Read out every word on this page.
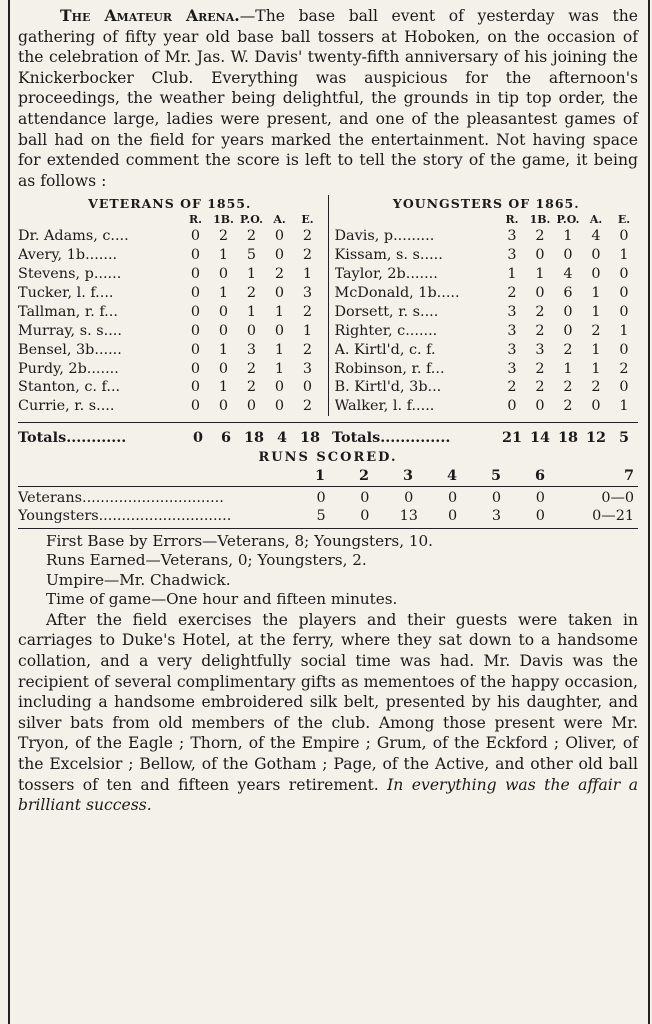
The Amateur Arena.—The base ball event of yesterday was the gathering of fifty year old base ball tossers at Hoboken, on the occasion of the celebration of Mr. Jas. W. Davis' twenty-fifth anniversary of his joining the Knickerbocker Club. Everything was auspicious for the afternoon's proceedings, the weather being delightful, the grounds in tip top order, the attendance large, ladies were present, and one of the pleasantest games of ball had on the field for years marked the entertainment. Not having space for extended comment the score is left to tell the story of the game, it being as follows :

VETERANS OF 1855.
R.	1B. P.O. A.	E.
Dr. Adams, c....	0	2	2	0	2
Avery, 1b.......	0	1	5	0	2
Stevens, p......	0	0	1	2	1
Tucker, l. f....	0	1	2	0	3
Tallman, r. f...	0	0	1	1	2
Murray, s. s....	0	0	0	0	1
Bensel, 3b......	0	1	3	1	2
Purdy, 2b.......	0	0	2	1	3
Stanton, c. f...	0	1	2	0	0
Currie, r. s....	0	0	0	0	2
YOUNGSTERS OF 1865.
R.	1B. P.O. A.	E.
Davis, p.........	3	2	1	4	0
Kissam, s. s.....	3	0	0	0	1
Taylor, 2b.......	1	1	4	0	0
McDonald, 1b.....	2	0	6	1	0
Dorsett, r. s....	3	2	0	1	0
Righter, c.......	3	2	0	2	1
A. Kirtl'd, c. f.	3	3	2	1	0
Robinson, r. f...	3	2	1	1	2
B. Kirtl'd, 3b...	2	2	2	2	0
Walker, l. f.....	0	0	2	0	1
Totals............	0	6 18 4 18 Totals..............	21 14 18 12 5
RUNS SCORED.
1	2	3	4	5	6	7
Veterans...............................	0	0	0	0	0	0	0—0
Youngsters.............................	5	0	13	0	3	0	0—21
First Base by Errors—Veterans, 8; Youngsters, 10.
Runs Earned—Veterans, 0; Youngsters, 2.
Umpire—Mr. Chadwick.
Time of game—One hour and fifteen minutes.

After the field exercises the players and their guests were taken in carriages to Duke's Hotel, at the ferry, where they sat down to a handsome collation, and a very delightfully social time was had. Mr. Davis was the recipient of several complimentary gifts as mementoes of the happy occasion, including a handsome embroidered silk belt, presented by his daughter, and silver bats from old members of the club. Among those present were Mr. Tryon, of the Eagle ; Thorn, of the Empire ; Grum, of the Eckford ; Oliver, of the Excelsior ; Bellow, of the Gotham ; Page, of the Active, and other old ball tossers of ten and fifteen years retirement. In everything was the affair a brilliant success.
